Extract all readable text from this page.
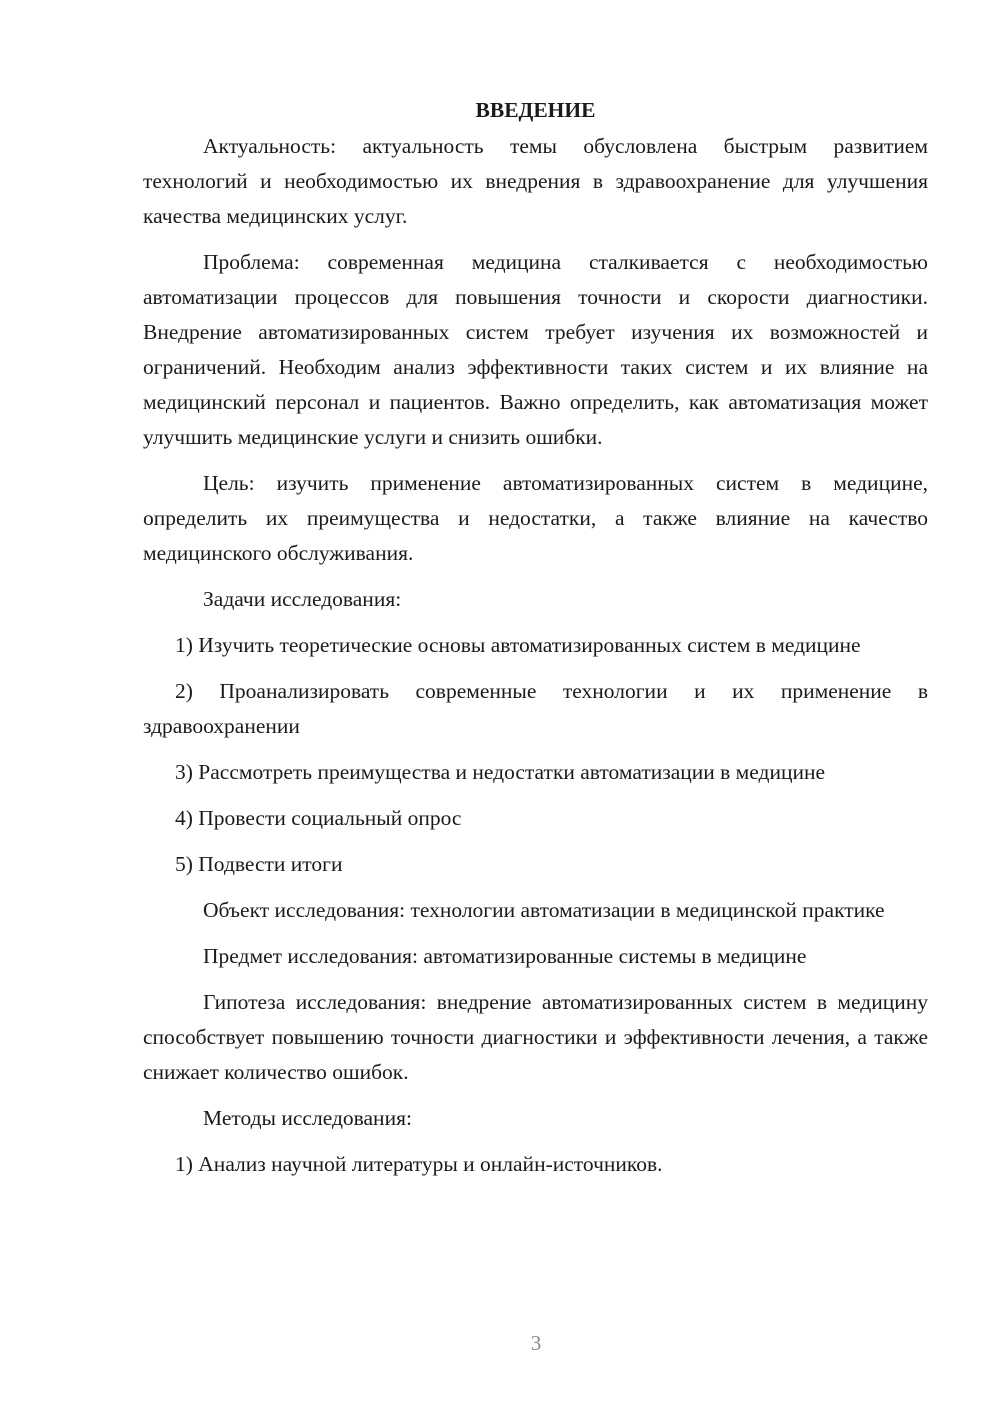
ВВЕДЕНИЕ

Актуальность: актуальность темы обусловлена быстрым развитием технологий и необходимостью их внедрения в здравоохранение для улучшения качества медицинских услуг.

Проблема: современная медицина сталкивается с необходимостью автоматизации процессов для повышения точности и скорости диагностики. Внедрение автоматизированных систем требует изучения их возможностей и ограничений. Необходим анализ эффективности таких систем и их влияние на медицинский персонал и пациентов. Важно определить, как автоматизация может улучшить медицинские услуги и снизить ошибки.

Цель: изучить применение автоматизированных систем в медицине, определить их преимущества и недостатки, а также влияние на качество медицинского обслуживания.

Задачи исследования:

1) Изучить теоретические основы автоматизированных систем в медицине

2) Проанализировать современные технологии и их применение в здравоохранении

3) Рассмотреть преимущества и недостатки автоматизации в медицине

4) Провести социальный опрос

5) Подвести итоги

Объект исследования: технологии автоматизации в медицинской практике

Предмет исследования: автоматизированные системы в медицине

Гипотеза исследования: внедрение автоматизированных систем в медицину способствует повышению точности диагностики и эффективности лечения, а также снижает количество ошибок.

Методы исследования:

1) Анализ научной литературы и онлайн-источников.

3
